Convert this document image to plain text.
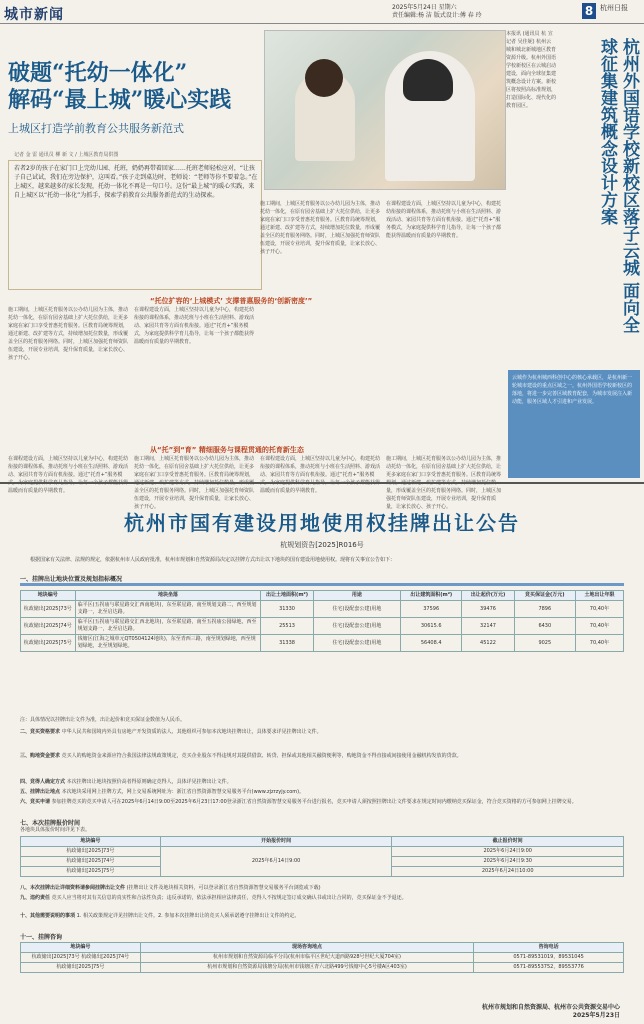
城市新闻	2025年5月24日 星期六
责任编辑:杨 洁 版式设计:傅 春 玲	8 杭州日报
破题“托幼一体化”
解码“最上城”暖心实践
上城区打造学前教育公共服务新范式
记者 金 雷 通讯员 柳 新 文 / 上城区教育局供图
本报讯 (通讯员 杭 宣 记者 吴佳妮) 杭州云城和城北新城地区教育资源升级。杭州外国语学校新校区在云城启动建设，面向全球征集建筑概念设计方案。新校区将按照高标准规划，打造国际化、现代化的教育园区。	杭州外国语学校新校区落子云城 面向全球征集建筑概念设计方案
若者2岁的孩子在家门口上完幼儿园、托班，奶奶再带着回家……托班老师轻松应对，“让孩子自己试试，我们在旁边保护，这叫看。”孩子走到桌边时，老师说：“老师等你不要着急。”在上城区，越来越多的家长发现，托幼一体化不再是一句口号。这份“最上城”的暖心实践，来自上城区以“托幼一体化”为抓手，探索学前教育公共服务新范式的生动探索。
“托位扩容的‘上城模式’ 支撑普惠服务的‘创新密度’”
施工期间，上城区托育服务以公办幼儿园为主体，推动托幼一体化，在原有园舍基础上扩大托位供给，让更多家庭在家门口享受普惠托育服务。区教育局统筹规划，通过新建、改扩建等方式，持续增加托位数量，形成覆盖全区的托育服务网络。同时，上城区加强托育师资队伍建设，开展专业培训，提升保育质量，让家长放心、孩子开心。
在课程建设方面，上城区坚持以儿童为中心，构建托幼衔接的课程体系，推动托班与小班在生活照料、游戏活动、家园共育等方面有机衔接。通过“托育+”服务模式，为家庭提供科学育儿指导，让每一个孩子都能获得温暖而有质量的早期教育。
施工期间，上城区托育服务以公办幼儿园为主体，推动托幼一体化，在原有园舍基础上扩大托位供给，让更多家庭在家门口享受普惠托育服务。区教育局统筹规划，通过新建、改扩建等方式，持续增加托位数量，形成覆盖全区的托育服务网络。同时，上城区加强托育师资队伍建设，开展专业培训，提升保育质量，让家长放心、孩子开心。
在课程建设方面，上城区坚持以儿童为中心，构建托幼衔接的课程体系，推动托班与小班在生活照料、游戏活动、家园共育等方面有机衔接。通过“托育+”服务模式，为家庭提供科学育儿指导，让每一个孩子都能获得温暖而有质量的早期教育。
从“托”到“育” 精细服务与课程贯通的托育新生态
在课程建设方面，上城区坚持以儿童为中心，构建托幼衔接的课程体系，推动托班与小班在生活照料、游戏活动、家园共育等方面有机衔接。通过“托育+”服务模 温暖而有质量的早期教育。
施工期间，上城区托育服务以公办幼儿园为主体，推动托幼一体化，在原有园舍基础上扩大托位供给，让更多家庭在家门口享受普惠托育服务。区教育局统筹规划， 盖全区的托育服务网络。同时，上城区加强托育师资队伍建设，开展专业培训，提升保育质量，让家长放心、孩子开心。
在课程建设方面，上城区坚持以儿童为中心，构建托幼衔接的课程体系，推动托班与小班在生活照料、游戏活动、家园共育等方面有机衔接。通过“托育+”服务模 温暖而有质量的早期教育。
施工期间，上城区托育服务以公办幼儿园为主体，推动托幼一体化，在原有园舍基础上扩大托位供给，让更多家庭在家门口享受普惠托育服务。区教育局统筹 量，形成覆盖全区的托育服务网络。同时，上城区加强托育师资队伍建设，开展专业培训，提升保育质量，让家长放心、孩子开心。
云城作为杭州城西科创中心的核心承载区，是杭州新一轮城市建设的重点区域之一。杭州外国语学校新校区的落地，将进一步完善区域教育配套，为城市发展注入新动能，服务区域人才引进和产业发展。
杭州市国有建设用地使用权挂牌出让公告
杭规划资告[2025]R016号
根据国家有关法律、法规的规定，依据杭州市人民政府批准，杭州市规划和自然资源局决定以挂牌方式出让以下地块的国有建设用地使用权。现将有关事宜公告如下：
一、挂牌出让地块位置及规划指标概况
地块编号	地块坐落	出让土地面积(m²)	用途	出让建筑面积(m²)	出让起价(万元)	竞买保证金(万元)	土地出让年限
杭政储出[2025]73号	临平区(五拐庙与联星路交汇西南地块)，东至联星路，南至规划支路二，西至规划支路一，北至启达路。	31330	住宅(设配套公建)用地	37596	39476	7896	70,40年
杭政储出[2025]74号	临平区(五拐庙与联星路交汇西北地块)，东至联星路，南至五拐庙公园绿地，西至规划支路一，北至启达路。	25513	住宅(设配套公建)用地	30615.6	32147	6430	70,40年
杭政储出[2025]75号	钱塘区(江海之城单元QT0504124地块)，东至青西三路，南至规划绿地，西至规划绿地，北至规划绿地。	31338	住宅(设配套公建)用地	56408.4	45122	9025	70,40年
注：具体情况以挂牌出让文件为准，出让起价和竞买保证金数值为人民币。
二、竞买资格要求 中华人民共和国境内外具有房地产开发资质的法人、其他组织可参加本次地块挂牌出让，具体要求详见挂牌出让文件。
三、购地资金要求 竞买人的购地资金来源应符合我国法律法规政策规定，竞买企业股东不得违规对其提供借款、转贷、担保或其他相关融资便利等，购地资金不得直接或间接使用金融机构发放的贷款。
四、竞得人确定方式 本次挂牌出让地块按照价高者得原则确定竞得人，具体详见挂牌出让文件。
五、挂牌出让地点 本次地块采用网上挂牌方式，网上交易系统网址为：浙江省自然资源智慧交易服务平台(www.zjzrzyjy.com)。
六、竞买申请 参加挂牌竞买的竞买申请人可在2025年6月14日9:00至2025年6月23日17:00登录浙江省自然资源智慧交易服务平台进行报名，竞买申请人须按照挂牌出让文件要求在规定时间内缴纳竞买保证金，符合竞买资格的方可参加网上挂牌交易。
七、本次挂牌报价时间
各地块具体报价时间详见下表。
地块编号	开始报价时间	截止报价时间
杭政储出[2025]73号	2025年6月14日9:00	2025年6月24日9:00
杭政储出[2025]74号		2025年6月24日9:30
杭政储出[2025]75号		2025年6月24日10:00
八、本次挂牌出让详细资料请参阅挂牌出让文件 (挂牌出让文件及地块相关资料，可以登录浙江省自然资源智慧交易服务平台浏览或下载)
九、违约责任 竞买人应当将对其有关信息的真实性和合法性负责；违反承诺的，依法承担相应法律责任，竞得人不按规定签订成交确认书或出让合同的，竞买保证金不予退还。
十、其他需要说明的事项 1. 相关政策规定详见挂牌出让文件。2. 参加本次挂牌出让的竞买人须承诺遵守挂牌出让文件的约定。
十一、挂牌咨询
地块编号	现场咨询地点	咨询电话
杭政储出[2025]73号 杭政储出[2025]74号	杭州市规划和自然资源局临平分局(杭州市临平区世纪大道西路928号世纪大厦704室)	0571-89531019，89531045
杭政储出[2025]75号	杭州市规划和自然资源局钱塘分局(杭州市钱塘区青六北路499号钱塘中心5号楼A区403室)	0571-89553752，89553776
杭州市规划和自然资源局、杭州市公共资源交易中心
2025年5月23日
